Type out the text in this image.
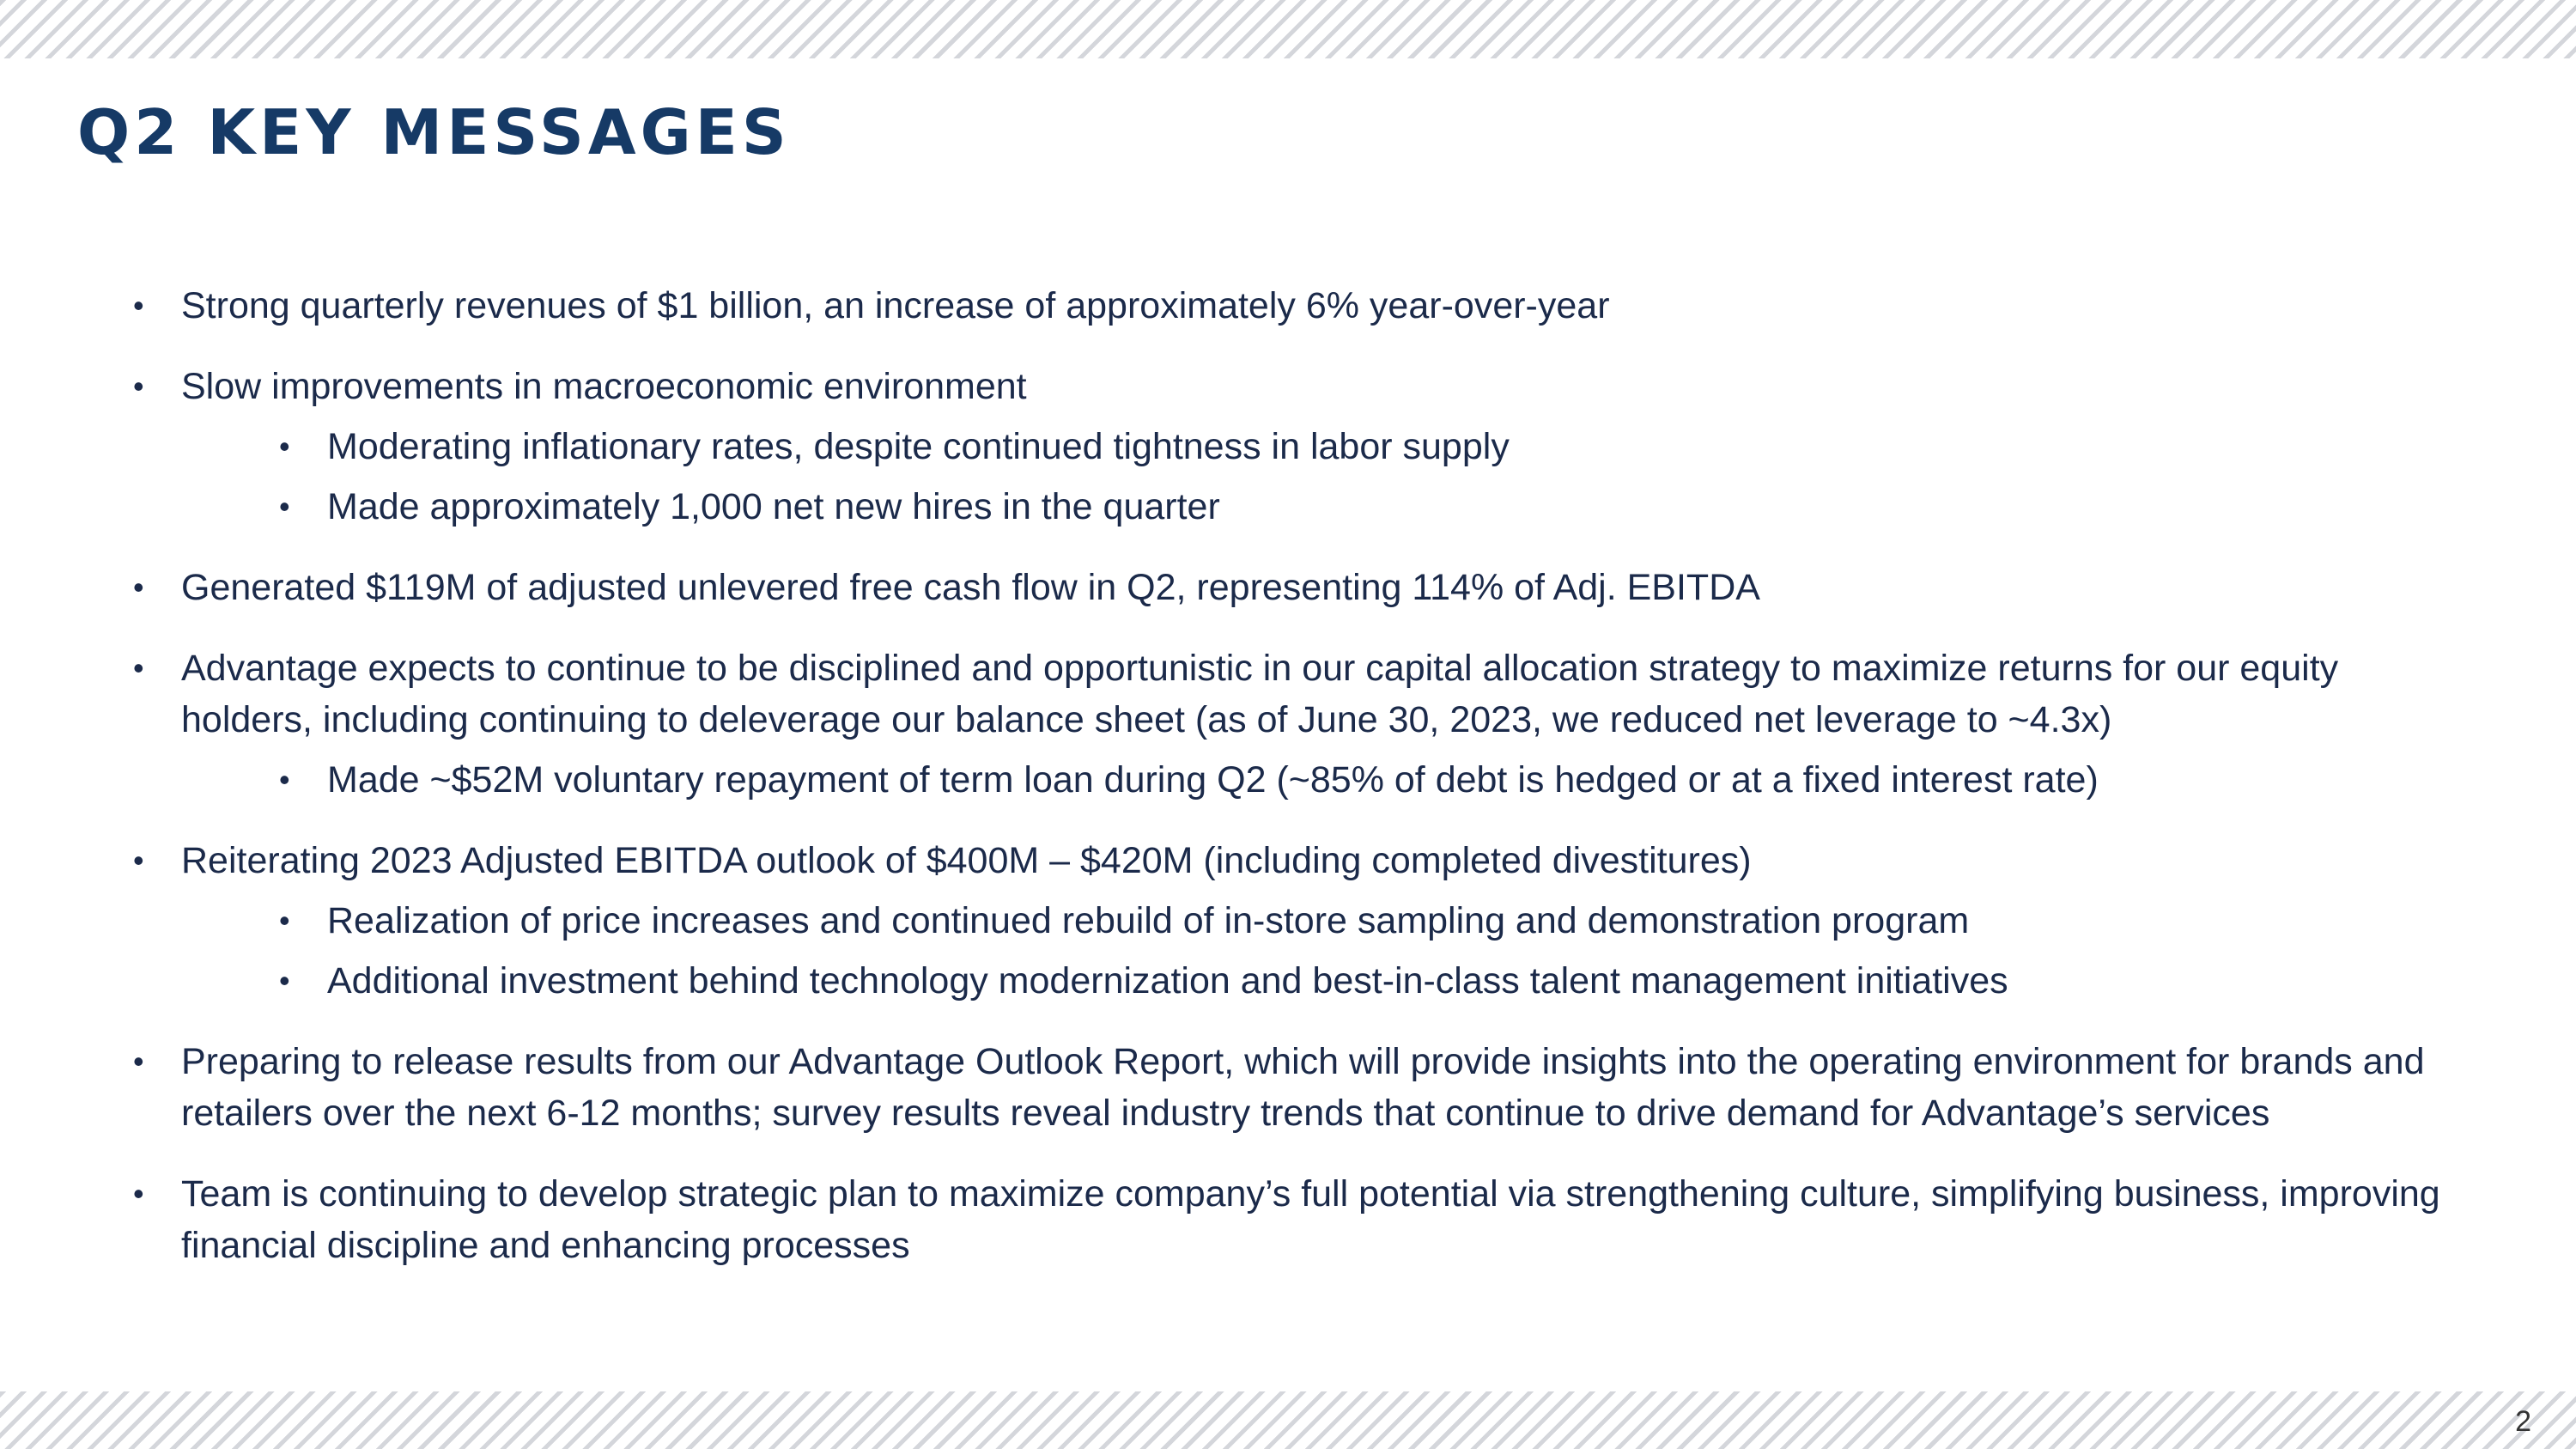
Q2 KEY MESSAGES
• Strong quarterly revenues of $1 billion, an increase of approximately 6% year-over-year
• Slow improvements in macroeconomic environment
• Moderating inflationary rates, despite continued tightness in labor supply
• Made approximately 1,000 net new hires in the quarter
• Generated $119M of adjusted unlevered free cash flow in Q2, representing 114% of Adj. EBITDA
• Advantage expects to continue to be disciplined and opportunistic in our capital allocation strategy to maximize returns for our equity holders, including continuing to deleverage our balance sheet (as of June 30, 2023, we reduced net leverage to ~4.3x)
• Made ~$52M voluntary repayment of term loan during Q2 (~85% of debt is hedged or at a fixed interest rate)
• Reiterating 2023 Adjusted EBITDA outlook of $400M – $420M (including completed divestitures)
• Realization of price increases and continued rebuild of in-store sampling and demonstration program
• Additional investment behind technology modernization and best-in-class talent management initiatives
• Preparing to release results from our Advantage Outlook Report, which will provide insights into the operating environment for brands and retailers over the next 6-12 months; survey results reveal industry trends that continue to drive demand for Advantage’s services
• Team is continuing to develop strategic plan to maximize company’s full potential via strengthening culture, simplifying business, improving financial discipline and enhancing processes
2
